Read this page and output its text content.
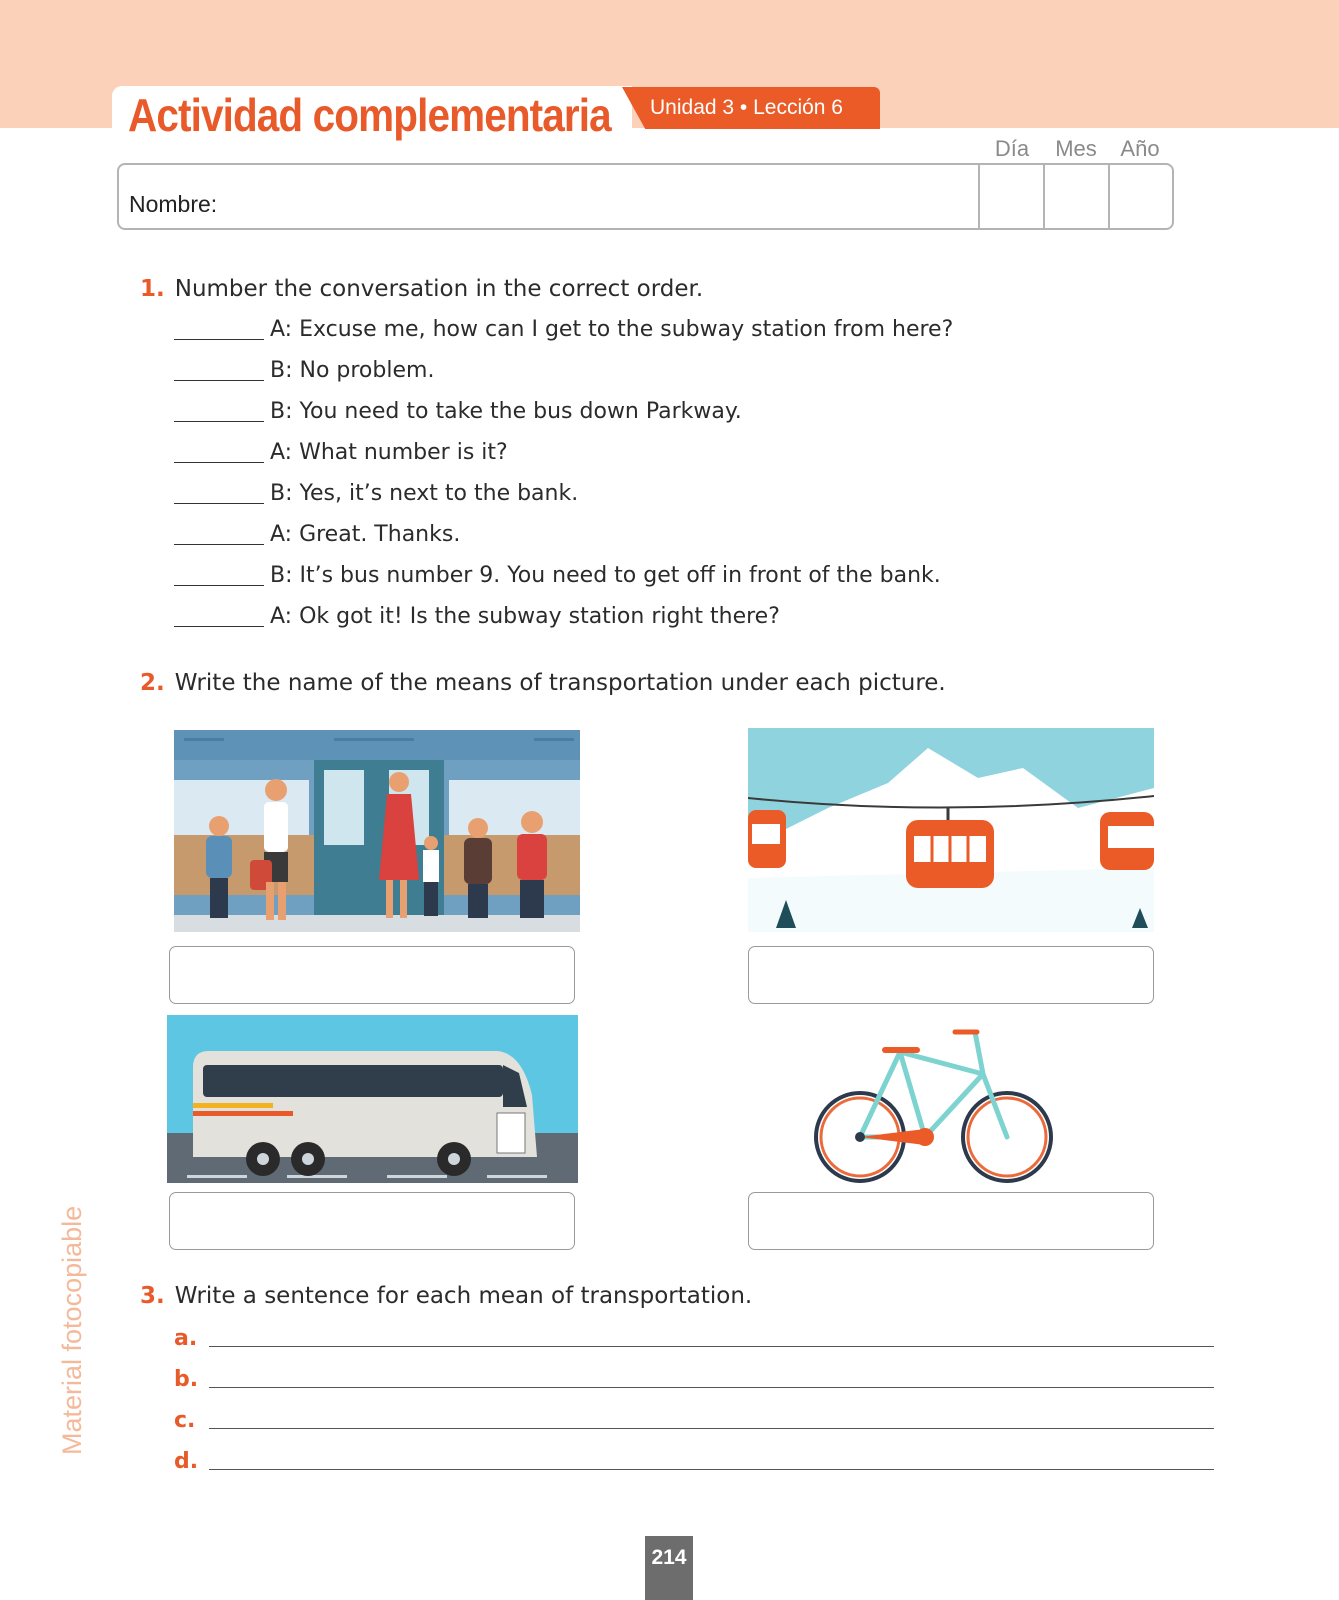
Actividad complementaria Unidad 3 • Lección 6
Día	Mes	Año
Nombre:
1. Number the conversation in the correct order.
A: Excuse me, how can I get to the subway station from here?
B: No problem.
B: You need to take the bus down Parkway.
A: What number is it?
B: Yes, it’s next to the bank.
A: Great. Thanks.
B: It’s bus number 9. You need to get off in front of the bank.
A: Ok got it! Is the subway station right there?
2. Write the name of the means of transportation under each picture.
3. Write a sentence for each mean of transportation.
a.
b.
c.
d.
Material fotocopiable
214
